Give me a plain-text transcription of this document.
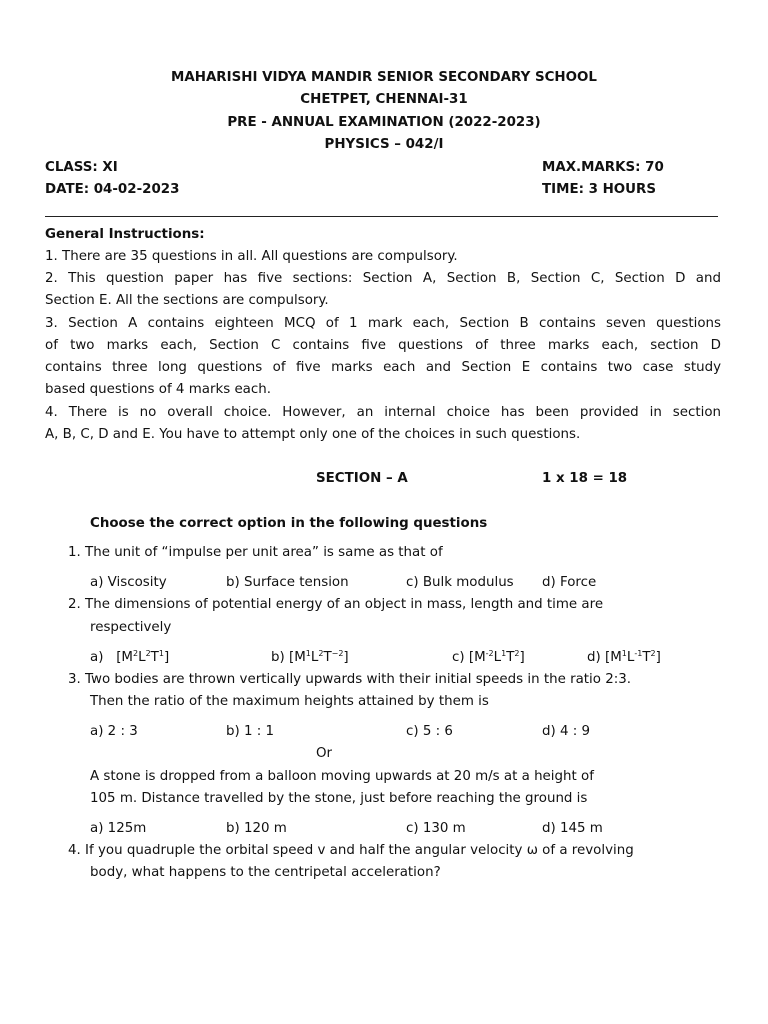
MAHARISHI VIDYA MANDIR SENIOR SECONDARY SCHOOL
CHETPET, CHENNAI-31
PRE - ANNUAL EXAMINATION (2022-2023)
PHYSICS – 042/I
CLASS: XI	MAX.MARKS: 70
DATE: 04-02-2023	TIME: 3 HOURS
General Instructions:
1. There are 35 questions in all. All questions are compulsory.
2. This question paper has five sections: Section A, Section B, Section C, Section D and
Section E. All the sections are compulsory.
3. Section A contains eighteen MCQ of 1 mark each, Section B contains seven questions
of two marks each, Section C contains five questions of three marks each, section D
contains three long questions of five marks each and Section E contains two case study
based questions of 4 marks each.
4. There is no overall choice. However, an internal choice has been provided in section
A, B, C, D and E. You have to attempt only one of the choices in such questions.
SECTION – A	1 x 18 = 18
Choose the correct option in the following questions
1. The unit of “impulse per unit area” is same as that of
a) Viscosity	b) Surface tension	c) Bulk modulus d) Force
2. The dimensions of potential energy of an object in mass, length and time are
respectively
a)   $[M^2L^2T^1]$	b) $[M^1L^2T^{-2}]$	c) $[M^{-2}L^1T^2]$	d) $[M^1L^{-1}T^2]$
3. Two bodies are thrown vertically upwards with their initial speeds in the ratio 2:3.
Then the ratio of the maximum heights attained by them is
a) 2 : 3	b) 1 : 1	c) 5 : 6	d) 4 : 9
Or
A stone is dropped from a balloon moving upwards at 20 m/s at a height of
105 m. Distance travelled by the stone, just before reaching the ground is
a) 125m	b) 120 m	c) 130 m	d) 145 m
4. If you quadruple the orbital speed v and half the angular velocity ω of a revolving
body, what happens to the centripetal acceleration?
